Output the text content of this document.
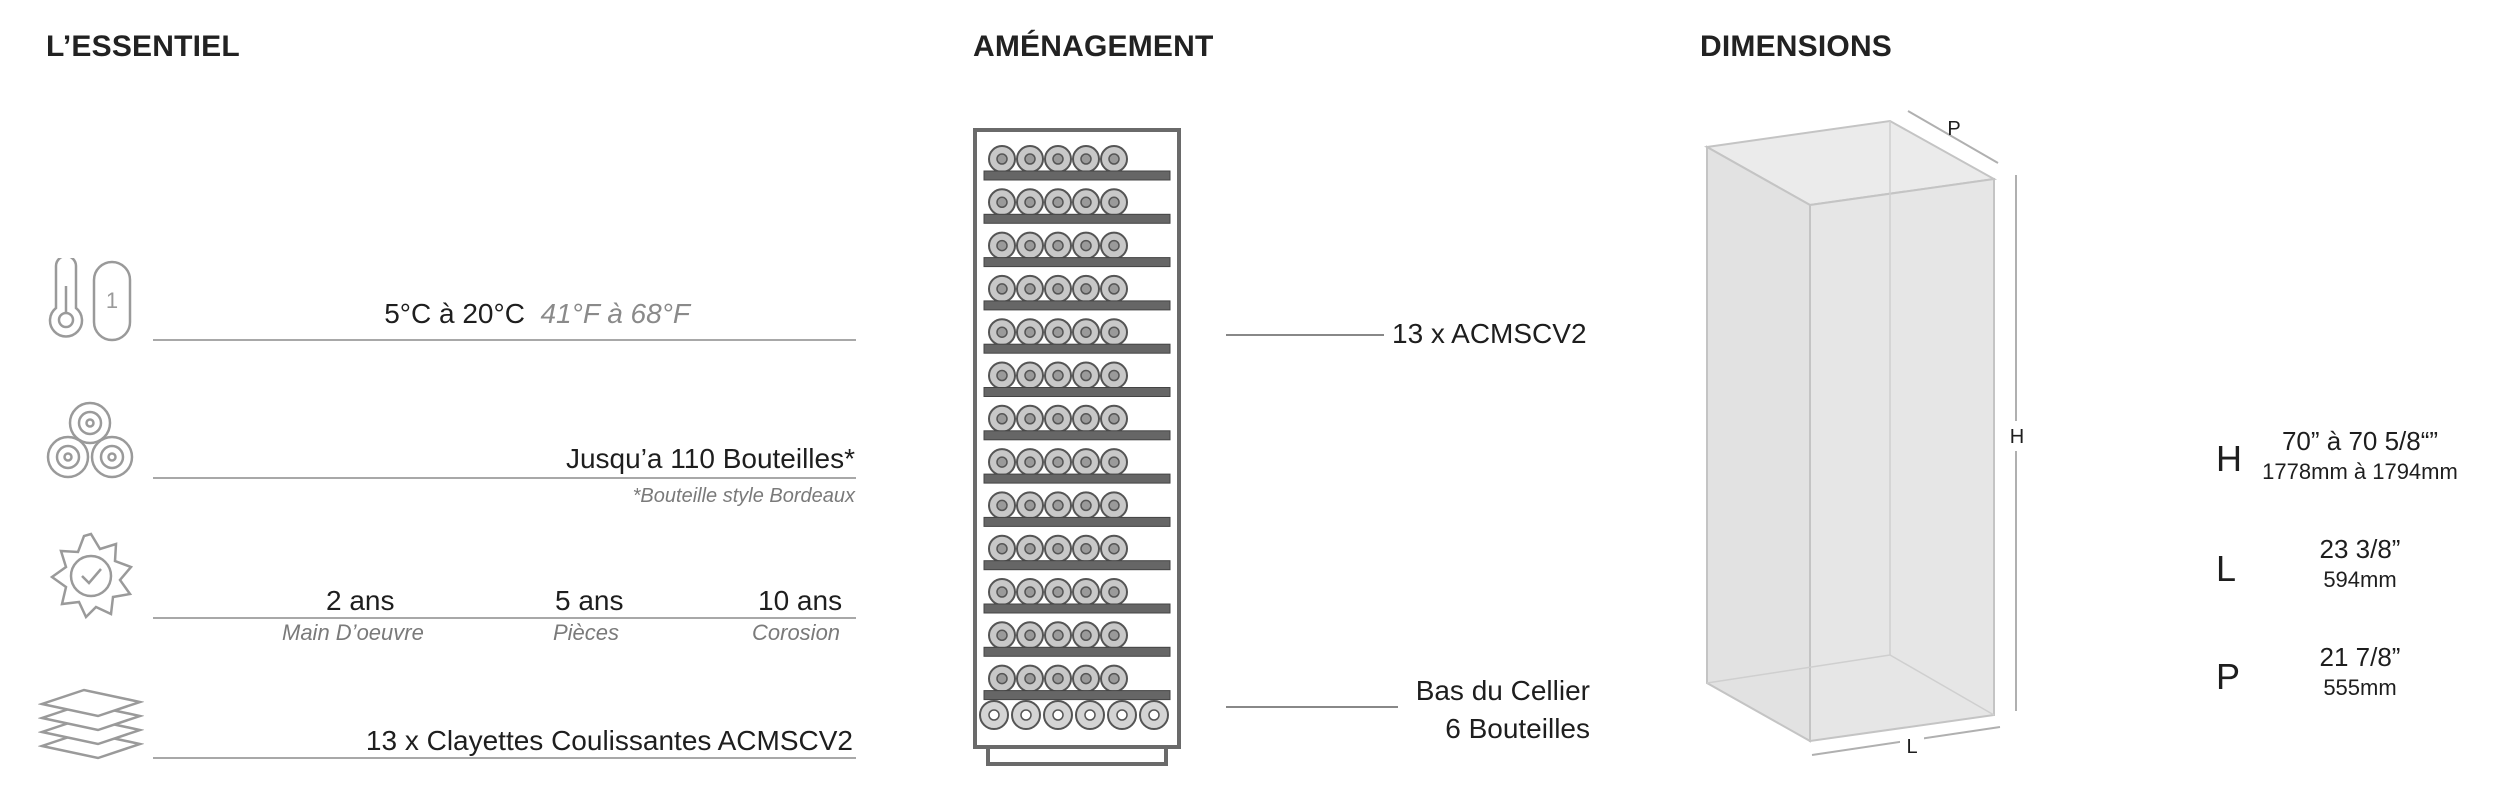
L’ESSENTIEL	AMÉNAGEMENT	DIMENSIONS
1	5°C à 20°C 41°F à 68°F
Jusqu’a 110 Bouteilles*
*Bouteille style Bordeaux
2 ans	5 ans	10 ans
Main D’oeuvre	Pièces	Corosion
13 x Clayettes Coulissantes ACMSCV2
13 x ACMSCV2
Bas du Cellier
6 Bouteilles
P
H
L
H	70” à 70 5/8“”
1778mm à 1794mm
L	23 3/8”
594mm
P	21 7/8”
555mm
